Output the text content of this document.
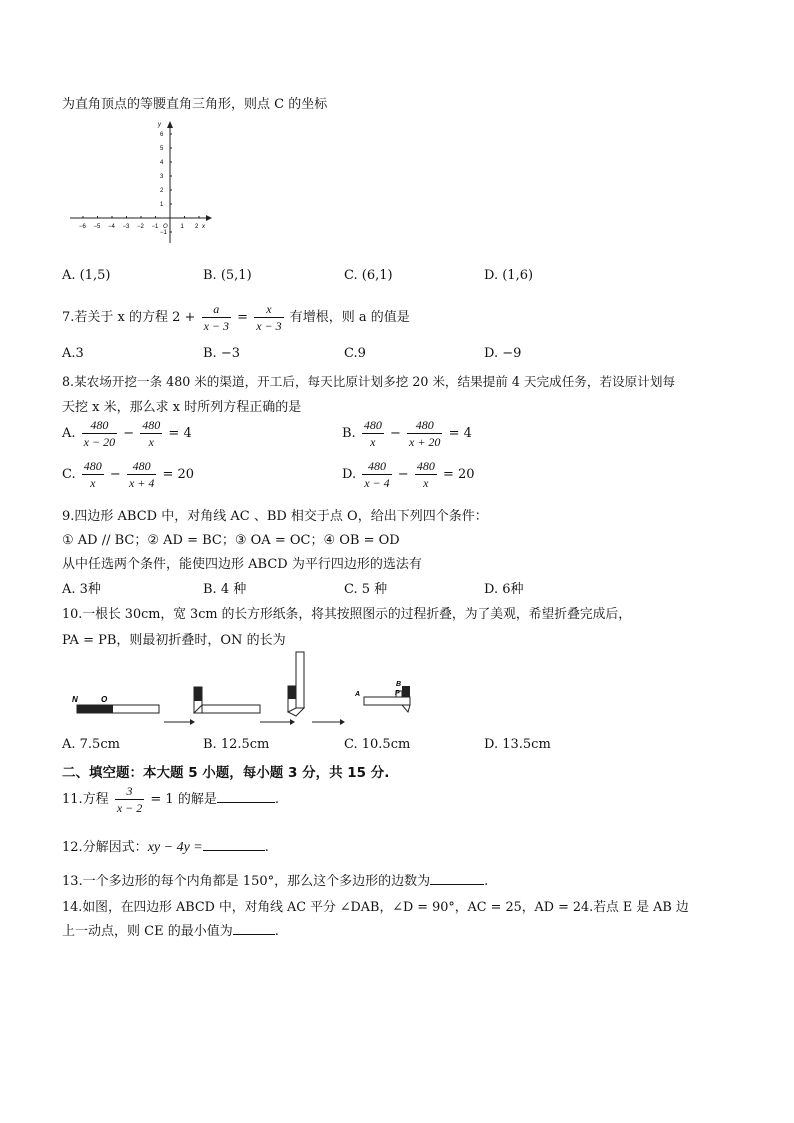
为直角顶点的等腰直角三角形，则点 C 的坐标
−6 −5 −4 −3 −2 −1	1 2
6
5
4
3
2
1
−1
O	x
y
A. (1,5)	B. (5,1)	C. (6,1)	D. (1,6)
7.若关于 x 的方程 $2 + \frac{a}{x - 3} = \frac{x}{x - 3}$ 有增根，则 a 的值是
A.3	B. −3	C.9	D. −9
8.某农场开挖一条 480 米的渠道，开工后，每天比原计划多挖 20 米，结果提前 4 天完成任务，若设原计划每
天挖 x 米，那么求 x 时所列方程正确的是
A. $\frac{480}{x - 20} - \frac{480}{x} = 4$	B. $\frac{480}{x} - \frac{480}{x + 20} = 4$
C. $\frac{480}{x} - \frac{480}{x + 4} = 20$	D. $\frac{480}{x - 4} - \frac{480}{x} = 20$
9.四边形 ABCD 中，对角线 AC 、BD 相交于点 O，给出下列四个条件：
① AD // BC；② AD = BC；③ OA = OC；④ OB = OD
从中任选两个条件，能使四边形 ABCD 为平行四边形的选法有
A. 3种	B. 4 种	C. 5 种	D. 6种
10.一根长 30cm，宽 3cm 的长方形纸条，将其按照图示的过程折叠，为了美观，希望折叠完成后，
PA = PB，则最初折叠时，ON 的长为
N	O
A
B
P
A. 7.5cm	B. 12.5cm	C. 10.5cm	D. 13.5cm
二、填空题：本大题 5 小题，每小题 3 分，共 15 分.
11.方程 $\frac{3}{x - 2} = 1$ 的解是	.
12.分解因式：xy − 4y =	.
13.一个多边形的每个内角都是 150°，那么这个多边形的边数为	.
14.如图，在四边形 ABCD 中，对角线 AC 平分 ∠DAB，∠D = 90°，AC = 25，AD = 24.若点 E 是 AB 边
上一动点，则 CE 的最小值为	.
